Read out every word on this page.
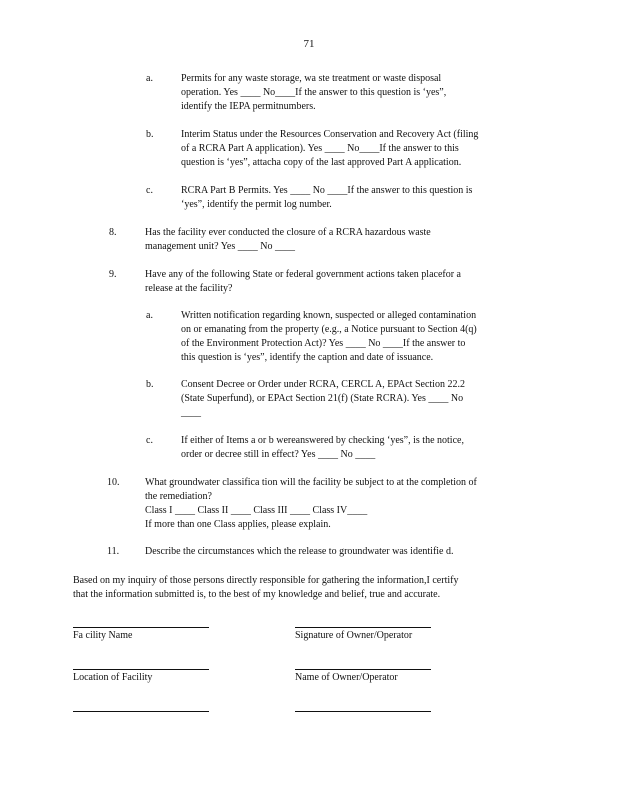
71
a.	Permits for any waste storage, wa ste treatment or waste disposal
operation. Yes ____ No____If the answer to this question is ‘yes”,
identify the IEPA permitnumbers.
b.	Interim Status under the Resources Conservation and Recovery Act (filing
of a RCRA Part A application). Yes ____ No____If the answer to this
question is ‘yes”, attacha copy of the last approved Part A application.
c.	RCRA Part B Permits. Yes ____ No ____If the answer to this question is
‘yes”, identify the permit log number.
8.	Has the facility ever conducted the closure of a RCRA hazardous waste
management unit? Yes ____ No ____
9.	Have any of the following State or federal government actions taken placefor a
release at the facility?
a.	Written notification regarding known, suspected or alleged contamination
on or emanating from the property (e.g., a Notice pursuant to Section 4(q)
of the Environment Protection Act)? Yes ____ No ____If the answer to
this question is ‘yes”, identify the caption and date of issuance.
b.	Consent Decree or Order under RCRA, CERCL A, EPAct Section 22.2
(State Superfund), or EPAct Section 21(f) (State RCRA). Yes ____ No
____
c.	If either of Items a or b wereanswered by checking ‘yes”, is the notice,
order or decree still in effect? Yes ____ No ____
10.	What groundwater classifica tion will the facility be subject to at the completion of
the remediation?
Class I ____ Class II ____ Class III ____ Class IV____
If more than one Class applies, please explain.
11.	Describe the circumstances which the release to groundwater was identifie d.
Based on my inquiry of those persons directly responsible for gathering the information,I certify
that the information submitted is, to the best of my knowledge and belief, true and accurate.
Fa cility Name	Signature of Owner/Operator
Location of Facility	Name of Owner/Operator
